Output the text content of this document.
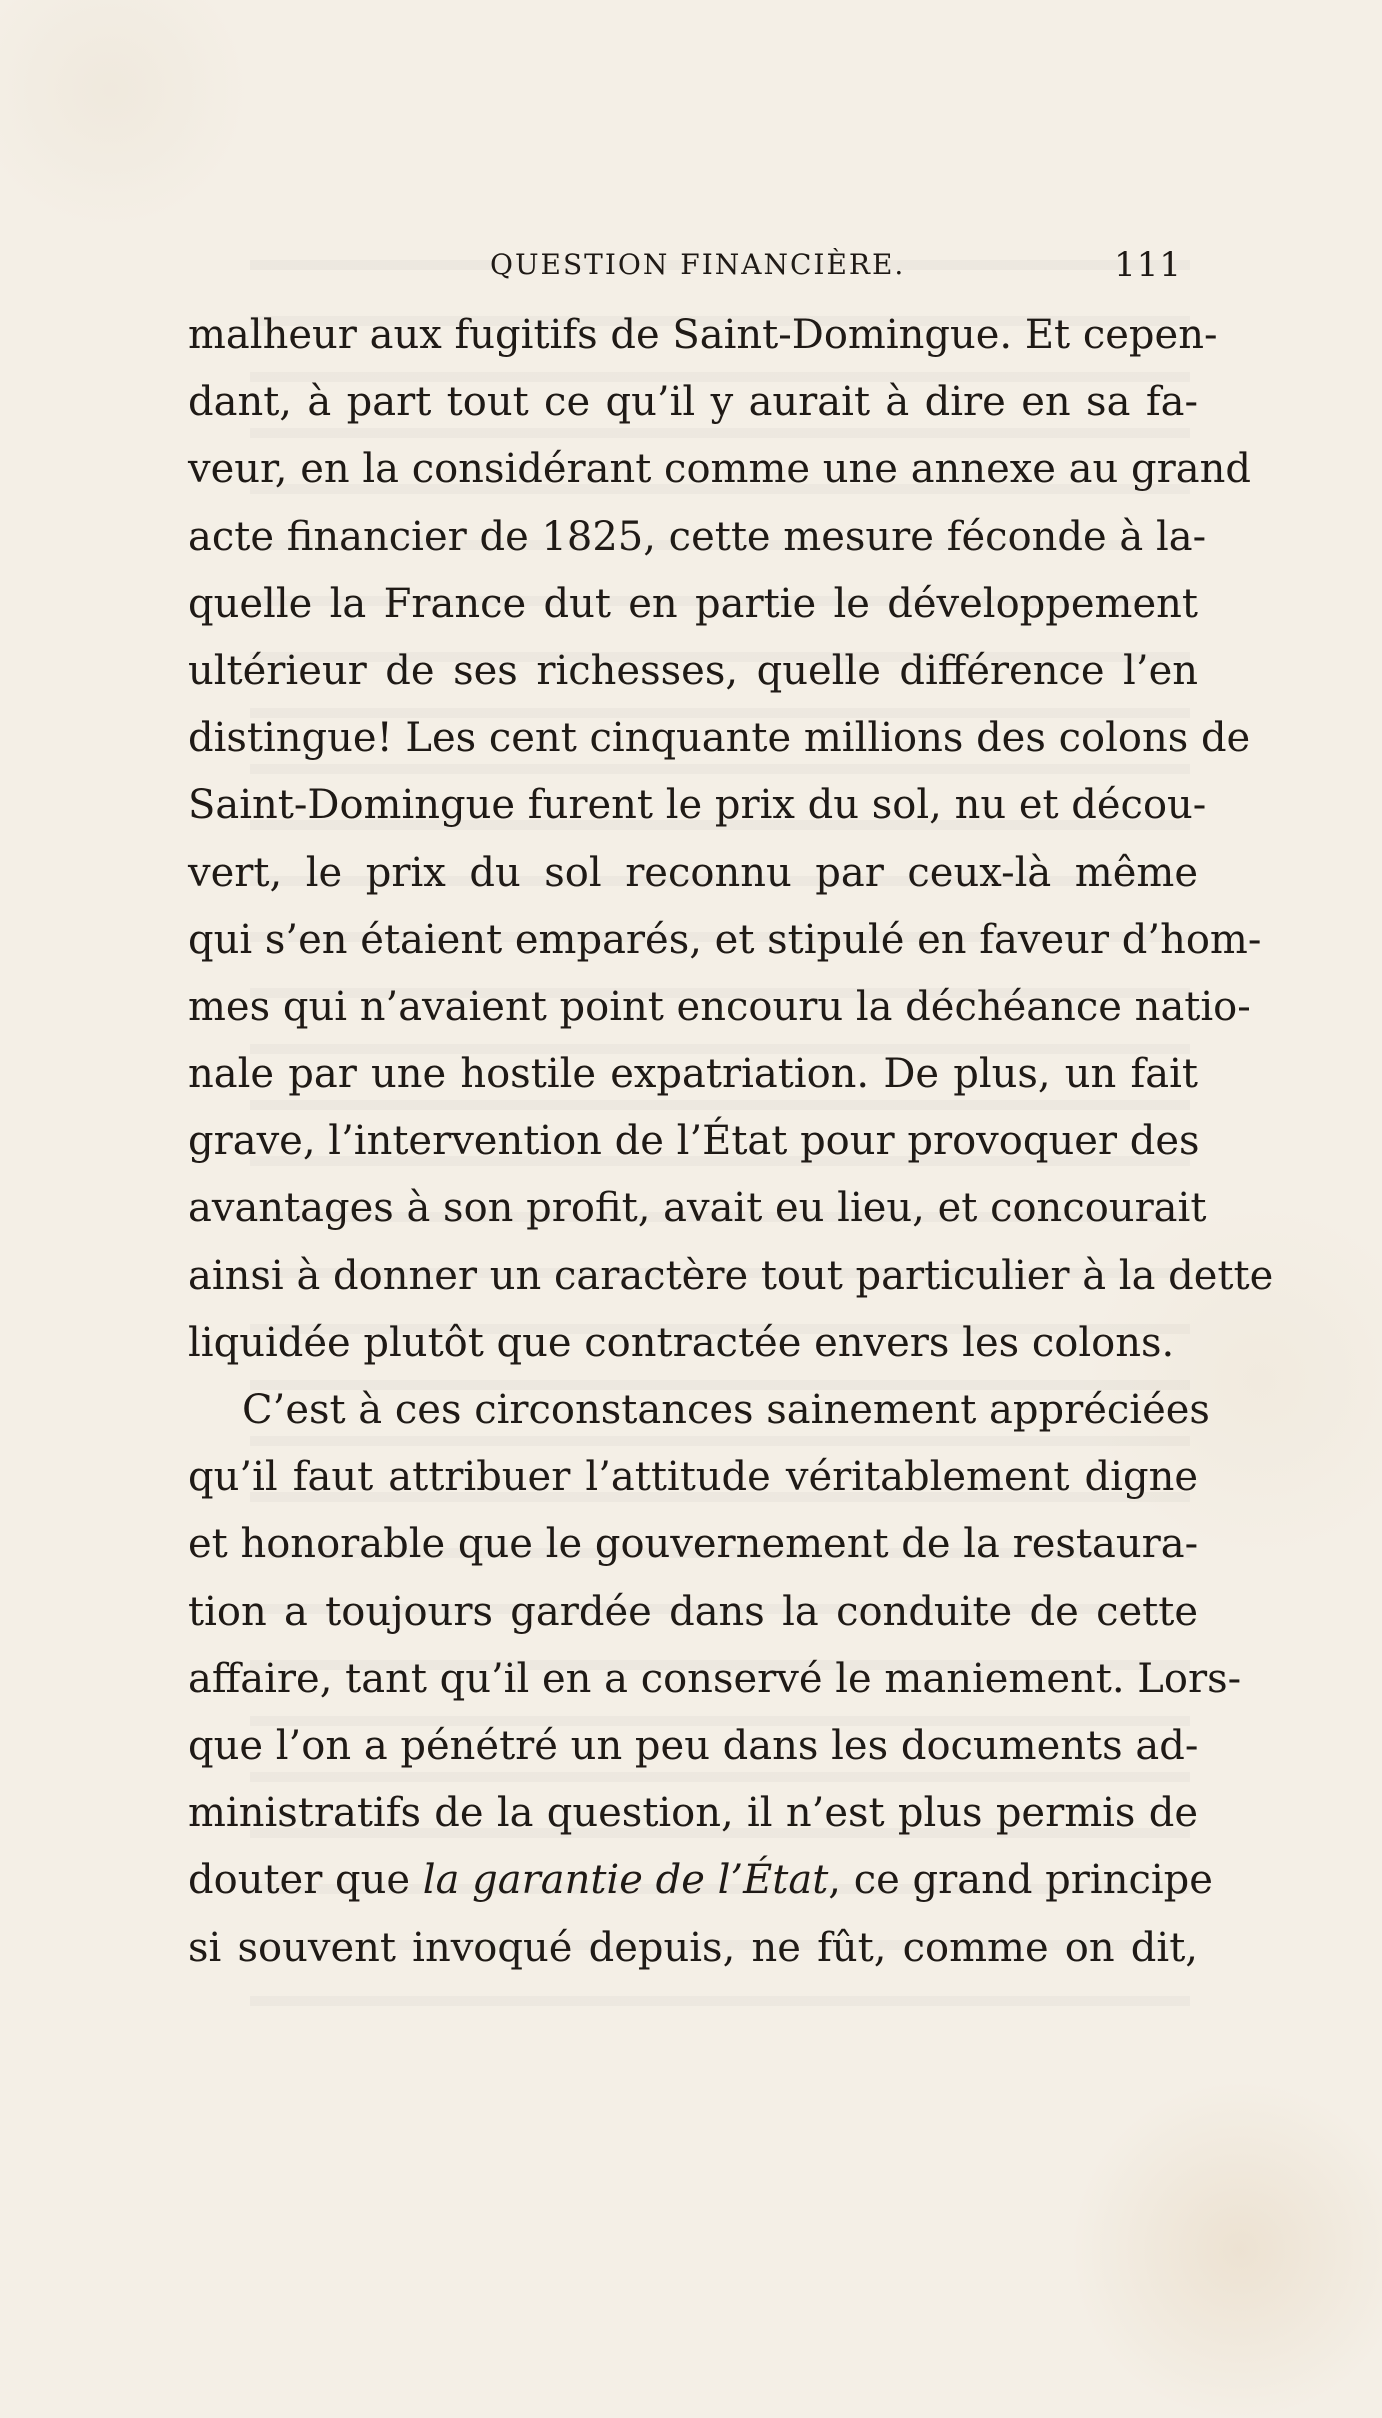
QUESTION FINANCIÈRE.	111
malheur aux fugitifs de Saint-Domingue. Et cepen-
dant, à part tout ce qu’il y aurait à dire en sa fa-
veur, en la considérant comme une annexe au grand
acte financier de 1825, cette mesure féconde à la-
quelle la France dut en partie le développement
ultérieur de ses richesses, quelle différence l’en
distingue! Les cent cinquante millions des colons de
Saint-Domingue furent le prix du sol, nu et décou-
vert, le prix du sol reconnu par ceux-là même
qui s’en étaient emparés, et stipulé en faveur d’hom-
mes qui n’avaient point encouru la déchéance natio-
nale par une hostile expatriation. De plus, un fait
grave, l’intervention de l’État pour provoquer des
avantages à son profit, avait eu lieu, et concourait
ainsi à donner un caractère tout particulier à la dette
liquidée plutôt que contractée envers les colons.
C’est à ces circonstances sainement appréciées
qu’il faut attribuer l’attitude véritablement digne
et honorable que le gouvernement de la restaura-
tion a toujours gardée dans la conduite de cette
affaire, tant qu’il en a conservé le maniement. Lors-
que l’on a pénétré un peu dans les documents ad-
ministratifs de la question, il n’est plus permis de
douter que la garantie de l’État, ce grand principe
si souvent invoqué depuis, ne fût, comme on dit,
